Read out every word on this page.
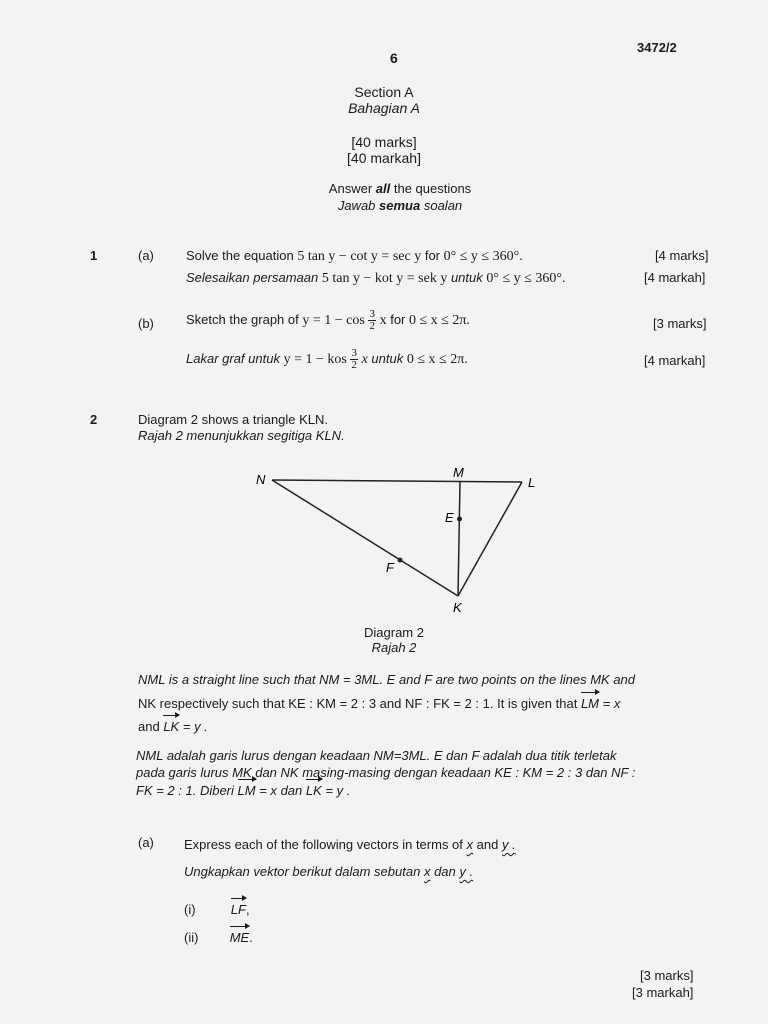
3472/2
6
Section A
Bahagian A
[40 marks]
[40 markah]
Answer all the questions
Jawab semua soalan
1	(a) Solve the equation 5 tan y − cot y = sec y for 0° ≤ y ≤ 360°.	[4 marks]
Selesaikan persamaan 5 tan y − kot y = sek y untuk 0° ≤ y ≤ 360°.	[4 markah]
(b) Sketch the graph of $y = 1 - \cos \frac{3}{2}$ x for 0 ≤ x ≤ 2π.	[3 marks]
Lakar graf untuk y = 1 − kos $\frac{3}{2}$ x untuk 0 ≤ x ≤ 2π.	[4 markah]
2	Diagram 2 shows a triangle KLN.
Rajah 2 menunjukkan segitiga KLN.
N	M
L
E
F
K
Diagram 2
Rajah 2
NML is a straight line such that NM = 3ML. E and F are two points on the lines MK and
NK respectively such that KE : KM = 2 : 3 and NF : FK = 2 : 1. It is given that LM = x
and LK = y .
NML adalah garis lurus dengan keadaan NM=3ML. E dan F adalah dua titik terletak
pada garis lurus MK dan NK masing-masing dengan keadaan KE : KM = 2 : 3 dan NF :
FK = 2 : 1. Diberi LM = x dan LK = y .
(a) Express each of the following vectors in terms of x and y .
Ungkapkan vektor berikut dalam sebutan x dan y .
(i)	LF,
(ii) ME.
[3 marks]
[3 markah]
